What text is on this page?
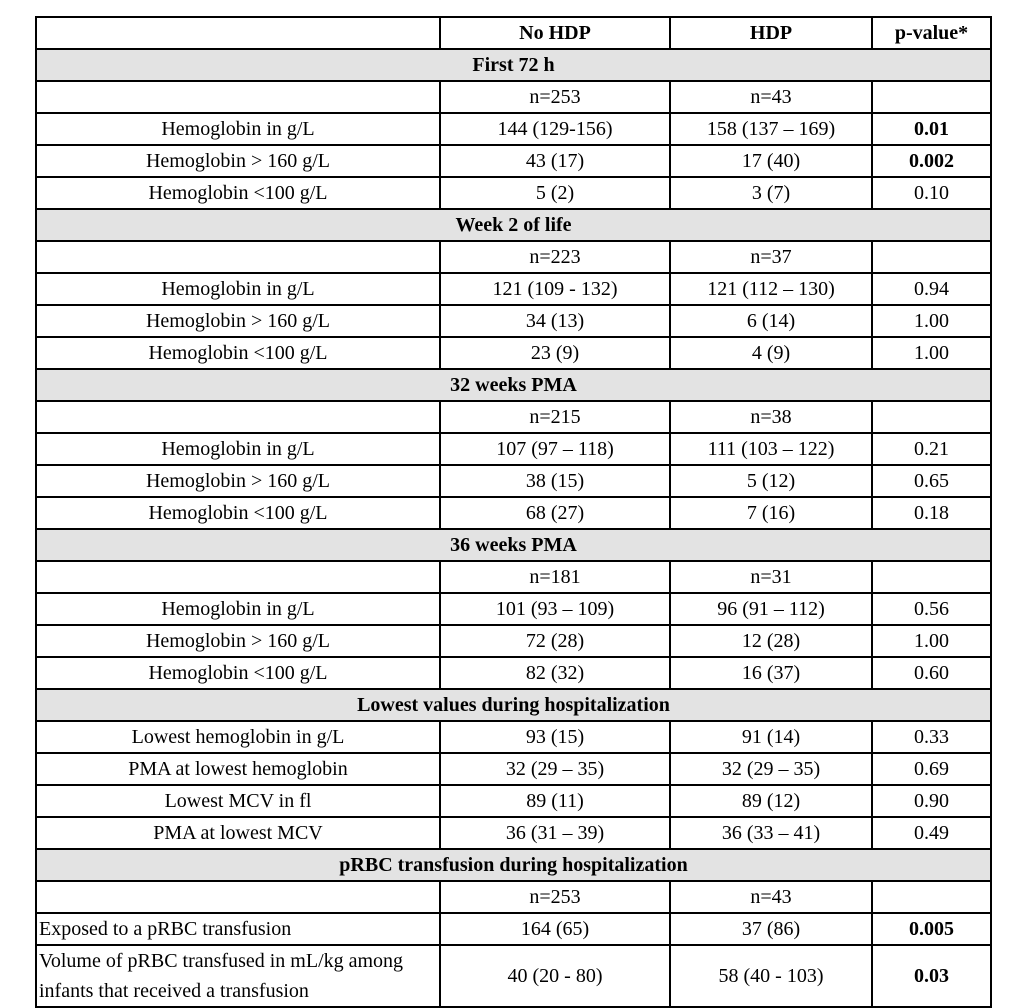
	No HDP	HDP	p-value*
First 72 h			
	n=253	n=43	
Hemoglobin in g/L	144 (129-156)	158 (137 – 169)	0.01
Hemoglobin > 160 g/L	43 (17)	17 (40)	0.002
Hemoglobin <100 g/L	5 (2)	3 (7)	0.10
Week 2 of life			
	n=223	n=37	
Hemoglobin in g/L	121 (109 - 132)	121 (112 – 130)	0.94
Hemoglobin > 160 g/L	34 (13)	6 (14)	1.00
Hemoglobin <100 g/L	23 (9)	4 (9)	1.00
32 weeks PMA			
	n=215	n=38	
Hemoglobin in g/L	107 (97 – 118)	111 (103 – 122)	0.21
Hemoglobin > 160 g/L	38 (15)	5 (12)	0.65
Hemoglobin <100 g/L	68 (27)	7 (16)	0.18
36 weeks PMA			
	n=181	n=31	
Hemoglobin in g/L	101 (93 – 109)	96 (91 – 112)	0.56
Hemoglobin > 160 g/L	72 (28)	12 (28)	1.00
Hemoglobin <100 g/L	82 (32)	16 (37)	0.60
Lowest values during hospitalization			
Lowest hemoglobin in g/L	93 (15)	91 (14)	0.33
PMA at lowest hemoglobin	32 (29 – 35)	32 (29 – 35)	0.69
Lowest MCV in fl	89 (11)	89 (12)	0.90
PMA at lowest MCV	36 (31 – 39)	36 (33 – 41)	0.49
pRBC transfusion during hospitalization			
	n=253	n=43	
Exposed to a pRBC transfusion	164 (65)	37 (86)	0.005
Volume of pRBC transfused in mL/kg among infants that received a transfusion	40 (20 - 80)	58 (40 - 103)	0.03
